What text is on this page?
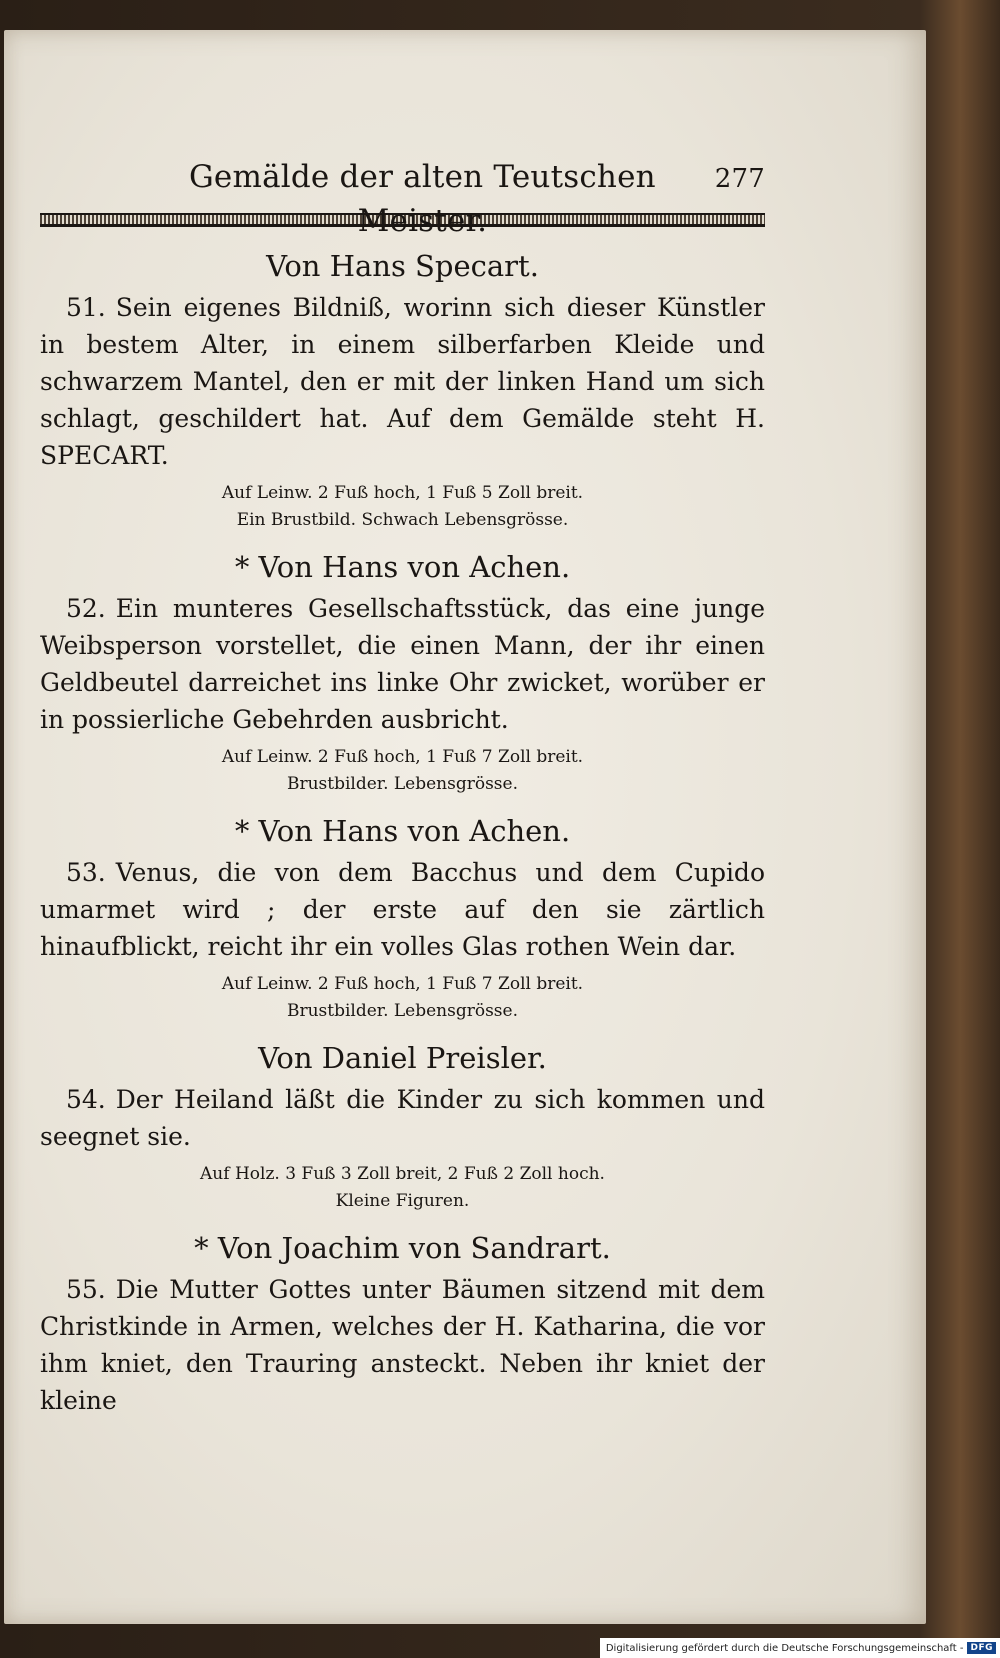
Gemälde der alten Teutschen Meister.
277
Von Hans Specart.

51. Sein eigenes Bildniß, worinn sich dieser Künstler in bestem Alter, in einem silberfarben Kleide und schwarzem Mantel, den er mit der linken Hand um sich schlagt, geschildert hat. Auf dem Gemälde steht H. SPECART.

Auf Leinw. 2 Fuß hoch, 1 Fuß 5 Zoll breit.
Ein Brustbild. Schwach Lebensgrösse.
* Von Hans von Achen.

52. Ein munteres Gesellschaftsstück, das eine junge Weibsperson vorstellet, die einen Mann, der ihr einen Geldbeutel darreichet ins linke Ohr zwicket, worüber er in possierliche Gebehrden ausbricht.

Auf Leinw. 2 Fuß hoch, 1 Fuß 7 Zoll breit.
Brustbilder. Lebensgrösse.
* Von Hans von Achen.

53. Venus, die von dem Bacchus und dem Cupido umarmet wird ; der erste auf den sie zärtlich hinaufblickt, reicht ihr ein volles Glas rothen Wein dar.

Auf Leinw. 2 Fuß hoch, 1 Fuß 7 Zoll breit.
Brustbilder. Lebensgrösse.
Von Daniel Preisler.

54. Der Heiland läßt die Kinder zu sich kommen und seegnet sie.

Auf Holz. 3 Fuß 3 Zoll breit, 2 Fuß 2 Zoll hoch.
Kleine Figuren.
* Von Joachim von Sandrart.

55. Die Mutter Gottes unter Bäumen sitzend mit dem Christkinde in Armen, welches der H. Katharina, die vor ihm kniet, den Trauring ansteckt. Neben ihr kniet der kleine

Digitalisierung gefördert durch die Deutsche Forschungsgemeinschaft - DFG
